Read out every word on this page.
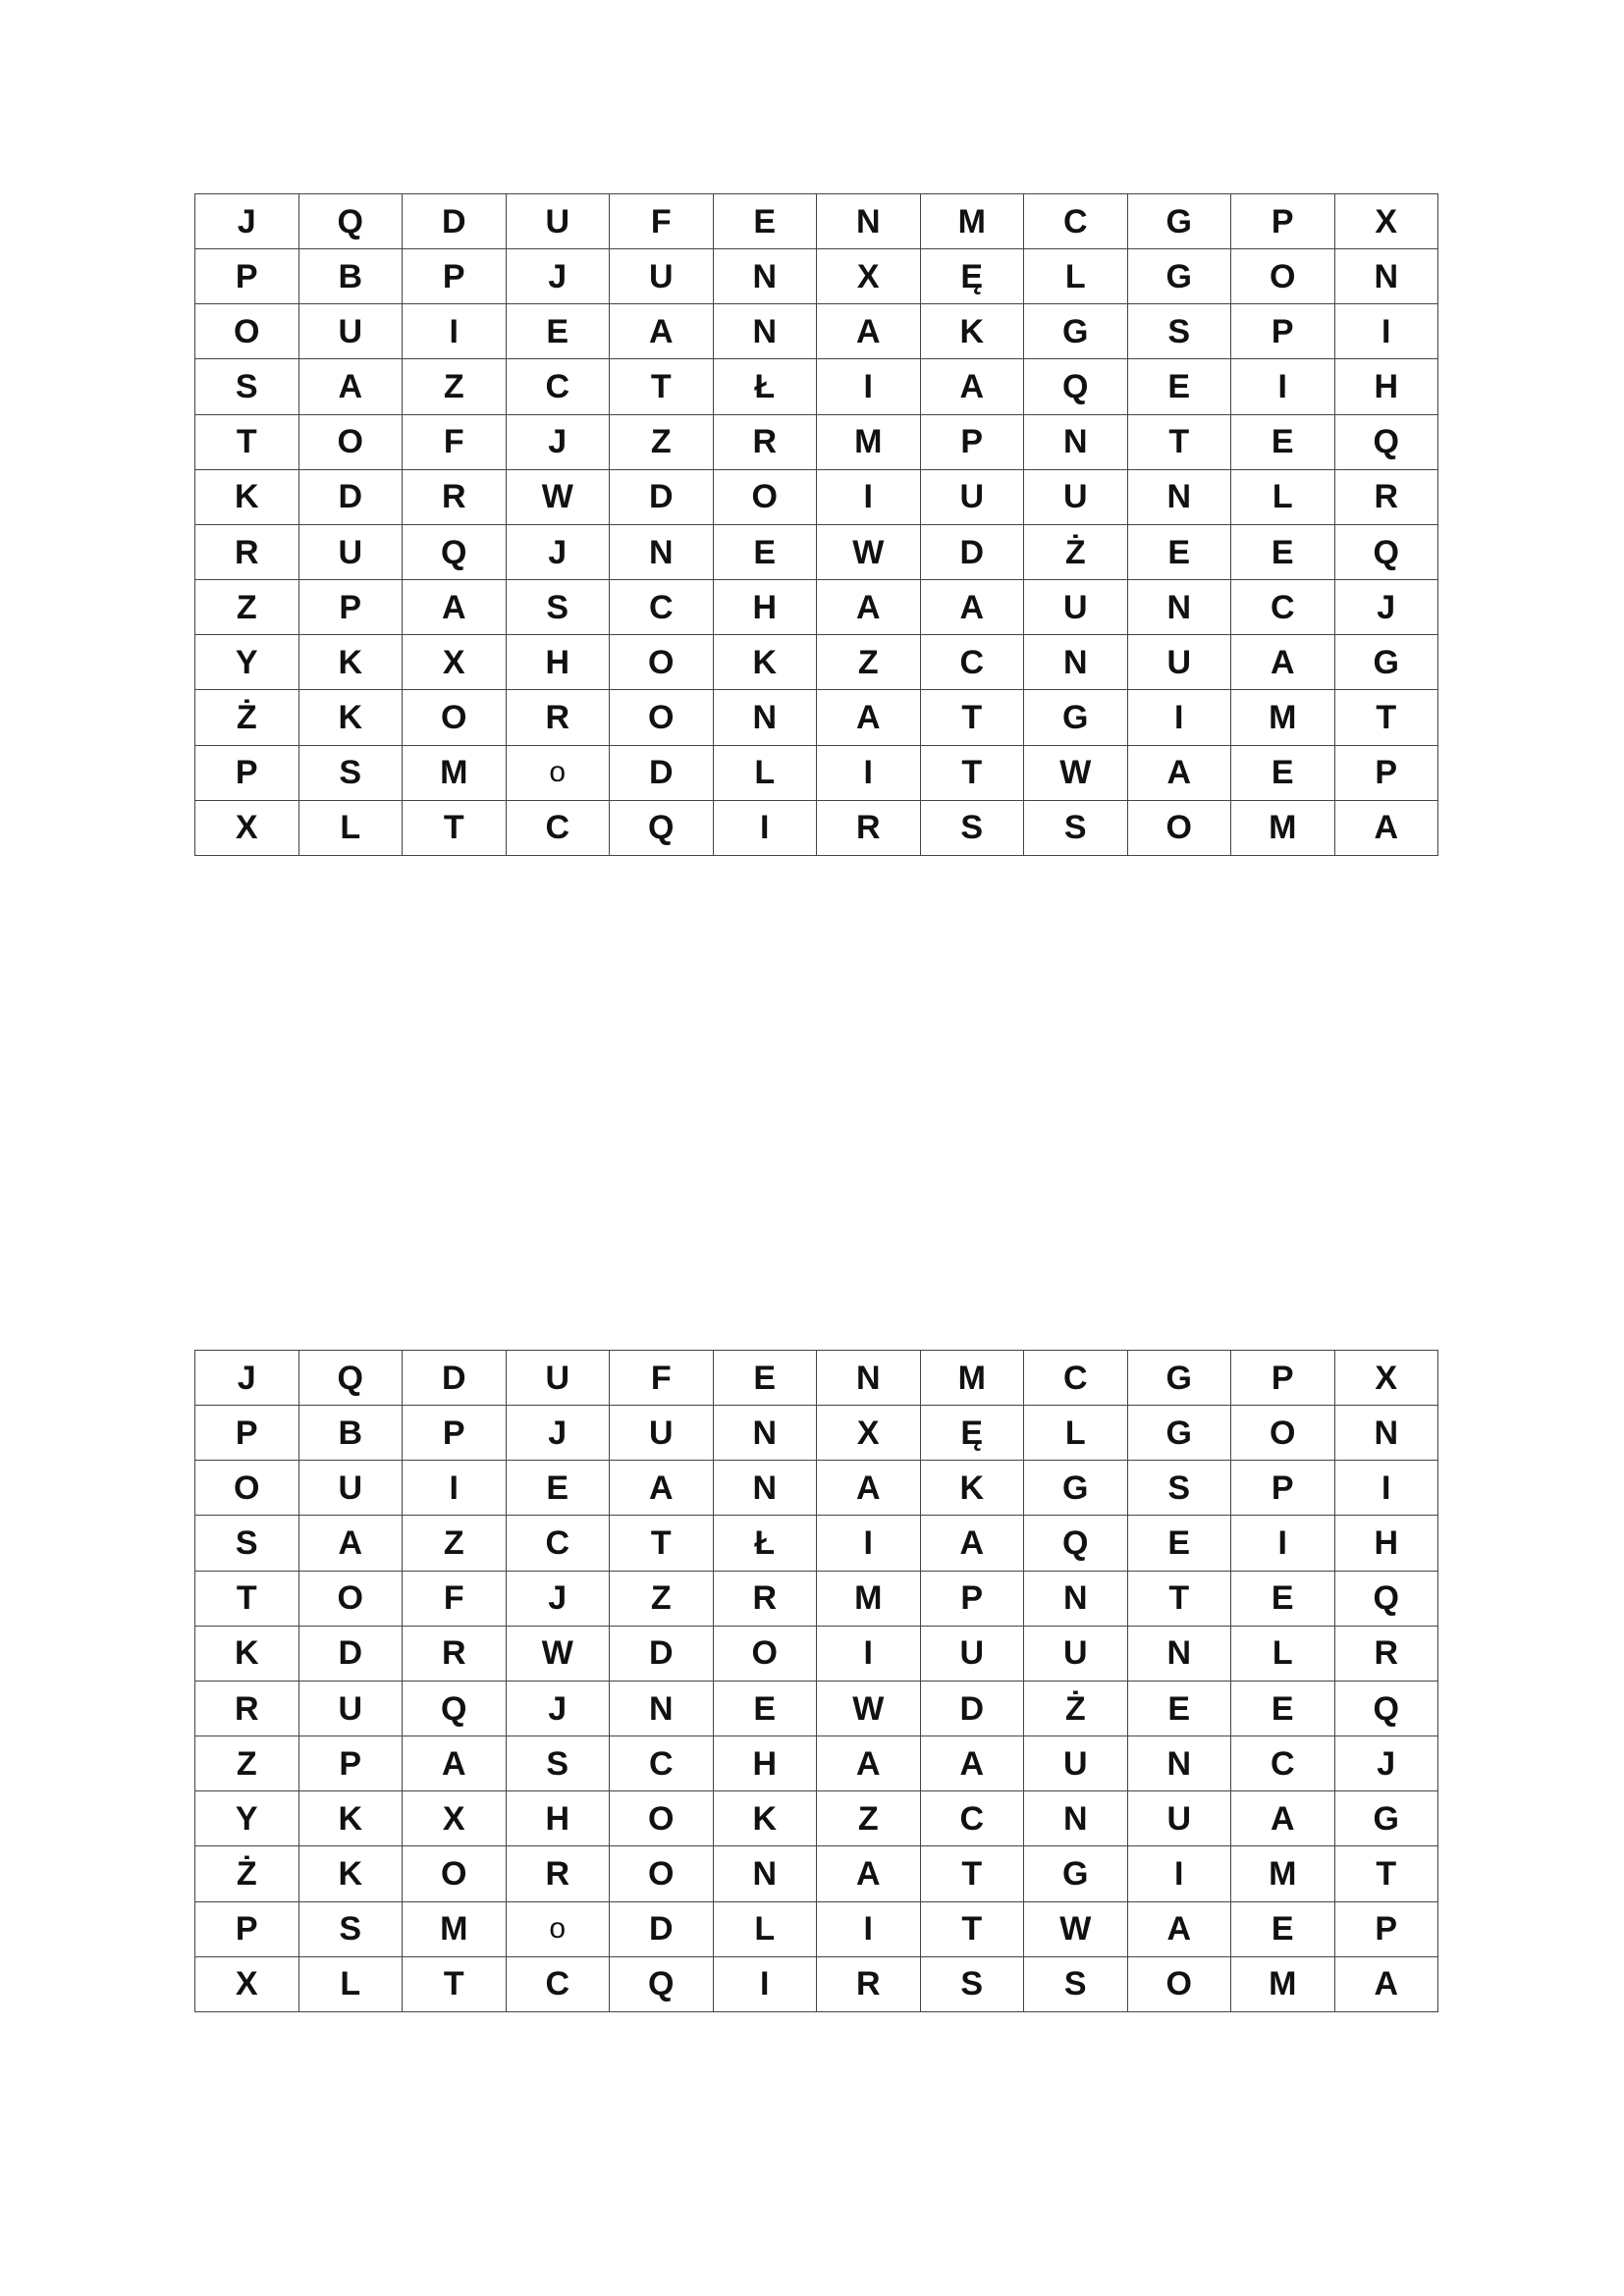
J	Q	D	U	F	E	N	M	C	G	P	X
P	B	P	J	U	N	X	Ę	L	G	O	N
O	U	I	E	A	N	A	K	G	S	P	I
S	A	Z	C	T	Ł	I	A	Q	E	I	H
T	O	F	J	Z	R	M	P	N	T	E	Q
K	D	R	W	D	O	I	U	U	N	L	R
R	U	Q	J	N	E	W	D	Ż	E	E	Q
Z	P	A	S	C	H	A	A	U	N	C	J
Y	K	X	H	O	K	Z	C	N	U	A	G
Ż	K	O	R	O	N	A	T	G	I	M	T
P	S	M	o	D	L	I	T	W	A	E	P
X	L	T	C	Q	I	R	S	S	O	M	A
J	Q	D	U	F	E	N	M	C	G	P	X
P	B	P	J	U	N	X	Ę	L	G	O	N
O	U	I	E	A	N	A	K	G	S	P	I
S	A	Z	C	T	Ł	I	A	Q	E	I	H
T	O	F	J	Z	R	M	P	N	T	E	Q
K	D	R	W	D	O	I	U	U	N	L	R
R	U	Q	J	N	E	W	D	Ż	E	E	Q
Z	P	A	S	C	H	A	A	U	N	C	J
Y	K	X	H	O	K	Z	C	N	U	A	G
Ż	K	O	R	O	N	A	T	G	I	M	T
P	S	M	o	D	L	I	T	W	A	E	P
X	L	T	C	Q	I	R	S	S	O	M	A
